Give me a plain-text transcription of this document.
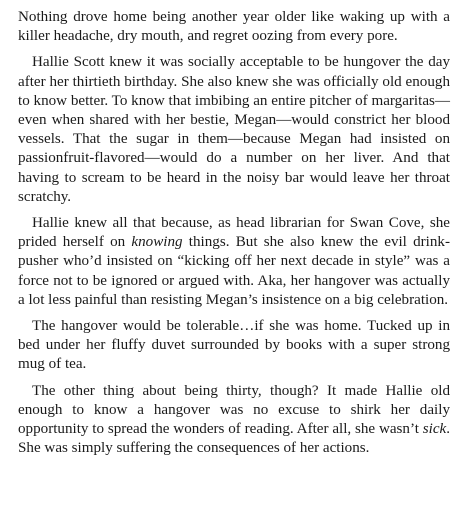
Nothing drove home being another year older like waking up with a killer headache, dry mouth, and regret oozing from every pore.

Hallie Scott knew it was socially acceptable to be hungover the day after her thirtieth birthday. She also knew she was officially old enough to know better. To know that imbibing an entire pitcher of margaritas—even when shared with her bestie, Megan—would constrict her blood vessels. That the sugar in them—because Megan had insisted on passionfruit-flavored—would do a number on her liver. And that having to scream to be heard in the noisy bar would leave her throat scratchy.

Hallie knew all that because, as head librarian for Swan Cove, she prided herself on knowing things. But she also knew the evil drink-pusher who’d insisted on “kicking off her next decade in style” was a force not to be ignored or argued with. Aka, her hangover was actually a lot less painful than resisting Megan’s insistence on a big celebration.

The hangover would be tolerable…if she was home. Tucked up in bed under her fluffy duvet surrounded by books with a super strong mug of tea.

The other thing about being thirty, though? It made Hallie old enough to know a hangover was no excuse to shirk her daily opportunity to spread the wonders of reading. After all, she wasn’t sick. She was simply suffering the consequences of her actions.
